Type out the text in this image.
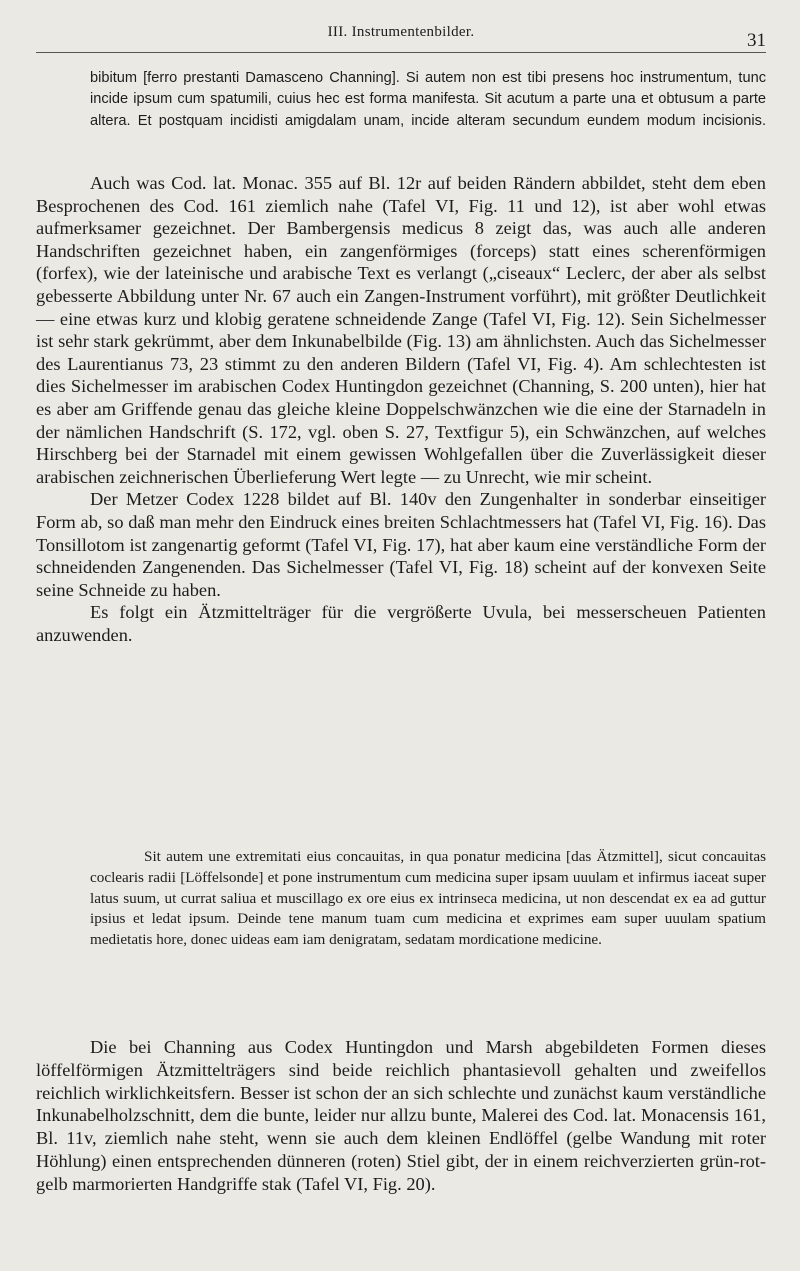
III. Instrumentenbilder.	31

bibitum [ferro prestanti Damasceno Channing]. Si autem non est tibi presens hoc instrumentum, tunc incide ipsum cum spatumili, cuius hec est forma manifesta. Sit acutum a parte una et obtusum a parte altera. Et postquam incidisti amigdalam unam, incide alteram secundum eundem modum incisionis.

Auch was Cod. lat. Monac. 355 auf Bl. 12r auf beiden Rändern abbildet, steht dem eben Besprochenen des Cod. 161 ziemlich nahe (Tafel VI, Fig. 11 und 12), ist aber wohl etwas aufmerksamer gezeichnet. Der Bambergensis medicus 8 zeigt das, was auch alle anderen Handschriften gezeichnet haben, ein zangenförmiges (forceps) statt eines scherenförmigen (forfex), wie der lateinische und arabische Text es verlangt („ciseaux“ Leclerc, der aber als selbst gebesserte Abbildung unter Nr. 67 auch ein Zangen-Instrument vorführt), mit größter Deutlichkeit — eine etwas kurz und klobig geratene schneidende Zange (Tafel VI, Fig. 12). Sein Sichelmesser ist sehr stark gekrümmt, aber dem Inkunabelbilde (Fig. 13) am ähnlichsten. Auch das Sichelmesser des Laurentianus 73, 23 stimmt zu den anderen Bildern (Tafel VI, Fig. 4). Am schlechtesten ist dies Sichelmesser im arabischen Codex Huntingdon gezeichnet (Channing, S. 200 unten), hier hat es aber am Griffende genau das gleiche kleine Doppelschwänzchen wie die eine der Starnadeln in der nämlichen Handschrift (S. 172, vgl. oben S. 27, Textfigur 5), ein Schwänzchen, auf welches Hirschberg bei der Starnadel mit einem gewissen Wohlgefallen über die Zuverlässigkeit dieser arabischen zeichnerischen Überlieferung Wert legte — zu Unrecht, wie mir scheint.

Der Metzer Codex 1228 bildet auf Bl. 140v den Zungenhalter in sonderbar einseitiger Form ab, so daß man mehr den Eindruck eines breiten Schlachtmessers hat (Tafel VI, Fig. 16). Das Tonsillotom ist zangenartig geformt (Tafel VI, Fig. 17), hat aber kaum eine verständliche Form der schneidenden Zangenenden. Das Sichelmesser (Tafel VI, Fig. 18) scheint auf der konvexen Seite seine Schneide zu haben.

Es folgt ein Ätzmittelträger für die vergrößerte Uvula, bei messerscheuen Patienten anzuwenden.

Sit autem une extremitati eius concauitas, in qua ponatur medicina [das Ätzmittel], sicut concauitas coclearis radii [Löffelsonde] et pone instrumentum cum medicina super ipsam uuulam et infirmus iaceat super latus suum, ut currat saliua et muscillago ex ore eius ex intrinseca medicina, ut non descendat ex ea ad guttur ipsius et ledat ipsum. Deinde tene manum tuam cum medicina et exprimes eam super uuulam spatium medietatis hore, donec uideas eam iam denigratam, sedatam mordicatione medicine.

Die bei Channing aus Codex Huntingdon und Marsh abgebildeten Formen dieses löffelförmigen Ätzmittelträgers sind beide reichlich phantasievoll gehalten und zweifellos reichlich wirklichkeitsfern. Besser ist schon der an sich schlechte und zunächst kaum verständliche Inkunabelholzschnitt, dem die bunte, leider nur allzu bunte, Malerei des Cod. lat. Monacensis 161, Bl. 11v, ziemlich nahe steht, wenn sie auch dem kleinen Endlöffel (gelbe Wandung mit roter Höhlung) einen entsprechenden dünneren (roten) Stiel gibt, der in einem reichverzierten grün-rot-gelb marmorierten Handgriffe stak (Tafel VI, Fig. 20).
